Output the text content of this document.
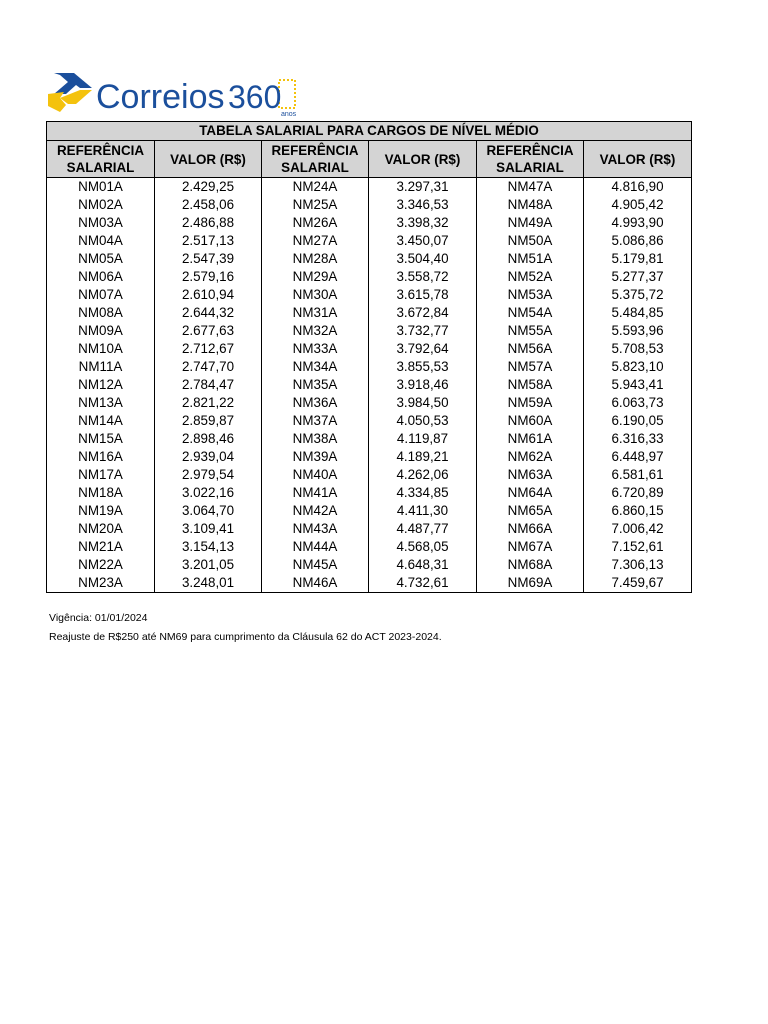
Correios 360 anos
TABELA SALARIAL PARA CARGOS DE NÍVEL MÉDIO					
REFERÊNCIA SALARIAL	VALOR (R$)	REFERÊNCIA SALARIAL	VALOR (R$)	REFERÊNCIA SALARIAL	VALOR (R$)
NM01A	2.429,25	NM24A	3.297,31	NM47A	4.816,90
NM02A	2.458,06	NM25A	3.346,53	NM48A	4.905,42
NM03A	2.486,88	NM26A	3.398,32	NM49A	4.993,90
NM04A	2.517,13	NM27A	3.450,07	NM50A	5.086,86
NM05A	2.547,39	NM28A	3.504,40	NM51A	5.179,81
NM06A	2.579,16	NM29A	3.558,72	NM52A	5.277,37
NM07A	2.610,94	NM30A	3.615,78	NM53A	5.375,72
NM08A	2.644,32	NM31A	3.672,84	NM54A	5.484,85
NM09A	2.677,63	NM32A	3.732,77	NM55A	5.593,96
NM10A	2.712,67	NM33A	3.792,64	NM56A	5.708,53
NM11A	2.747,70	NM34A	3.855,53	NM57A	5.823,10
NM12A	2.784,47	NM35A	3.918,46	NM58A	5.943,41
NM13A	2.821,22	NM36A	3.984,50	NM59A	6.063,73
NM14A	2.859,87	NM37A	4.050,53	NM60A	6.190,05
NM15A	2.898,46	NM38A	4.119,87	NM61A	6.316,33
NM16A	2.939,04	NM39A	4.189,21	NM62A	6.448,97
NM17A	2.979,54	NM40A	4.262,06	NM63A	6.581,61
NM18A	3.022,16	NM41A	4.334,85	NM64A	6.720,89
NM19A	3.064,70	NM42A	4.411,30	NM65A	6.860,15
NM20A	3.109,41	NM43A	4.487,77	NM66A	7.006,42
NM21A	3.154,13	NM44A	4.568,05	NM67A	7.152,61
NM22A	3.201,05	NM45A	4.648,31	NM68A	7.306,13
NM23A	3.248,01	NM46A	4.732,61	NM69A	7.459,67
Vigência: 01/01/2024
Reajuste de R$250 até NM69 para cumprimento da Cláusula 62 do ACT 2023-2024.
